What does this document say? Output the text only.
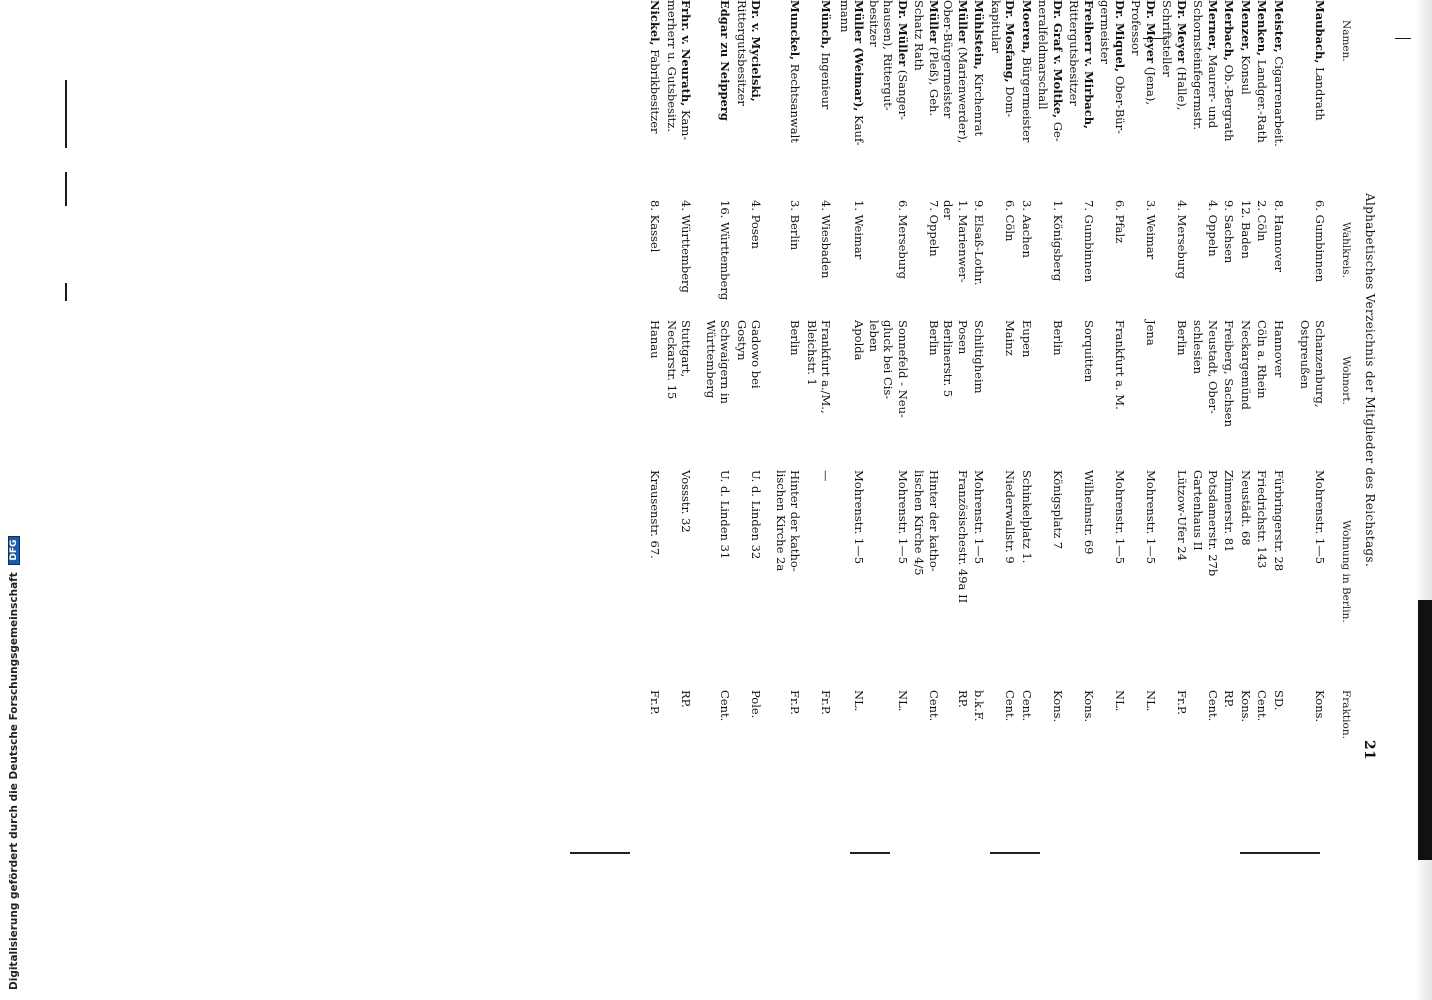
Digitalisierung gefördert durch die Deutsche Forschungsgemeinschaft DFG	Alphabetisches Verzeichnis der Mitglieder des Reichstags.
21
Namen.
Wahlkreis.
Wohnort.
Wohnung in Berlin.
Fraktion.
Maubach, Landrath
6. Gumbinnen
Schanzenburg,
Ostpreußen
Mohrenstr. 1—5
Kons.
Meister, Cigarrenarbeit.
8. Hannover
Hannover
Fürbringerstr. 28
SD.
Menken, Landger.-Rath
2. Cöln
Cöln a. Rhein
Friedrichstr. 143
Cent.
Menzer, Konsul
12. Baden
Neckargemünd
Neustädt. 68
Kons.
Merbach, Ob.-Bergrath
9. Sachsen
Freiberg, Sachsen
Zimmerstr. 81
RP.
Merner, Maurer- und
Schornsteinfegermstr.
4. Oppeln
Neustadt, Ober-
schlesien
Potsdamerstr. 27b
Gartenhaus II
Cent.
Dr. Meyer (Halle),
Schriftsteller
4. Merseburg
Berlin
Lützow-Ufer 24
Fr.P.
Dr. Meyer (Jena),
Professor
3. Weimar
Jena
Mohrenstr. 1—5
NL.
Dr. Miquel, Ober-Bür-
germeister
6. Pfalz
Frankfurt a. M.
Mohrenstr. 1—5
NL.
Freiherr v. Mirbach,
Rittergutsbesitzer
7. Gumbinnen
Sorquitten
Wilhelmstr. 69
Kons.
Dr. Graf v. Moltke, Ge-
neralfeldmarschall
1. Königsberg
Berlin
Königsplatz 7
Kons.
Moeren, Bürgermeister
3. Aachen
Eupen
Schinkelplatz 1.
Cent.
Dr. Mosfang, Dom-
kapitular
6. Cöln
Mainz
Niederwallstr. 9
Cent.
Mühlstein, Kirchenrat
9. Elsaß-Lothr.
Schiltigheim
Mohrenstr. 1—5
b.k.F.
Müller (Marienwerder),
Ober-Bürgermeister
1. Marienwer-
der
Posen
Berlinerstr. 5
Französischestr. 49a II
RP.
Müller (Pleß), Geh.
Schatz Rath
7. Oppeln
Berlin
Hinter der katho-
lischen Kirche 4/5
Cent.
Dr. Müller (Sanger-
hausen), Rittergut-
besitzer
6. Merseburg
Sonnefeld - Neu-
gluck bei Cis-
leben
Mohrenstr. 1—5
NL.
Müller (Weimar), Kauf-
mann
1. Weimar
Apolda
Mohrenstr. 1—5
NL.
Münch, Ingenieur
4. Wiesbaden
Frankfurt a./M.,
Bleichstr. 1
—
Fr.P.
Munckel, Rechtsanwalt
3. Berlin
Berlin
Hinter der katho-
lischen Kirche 2a
Fr.P.
Dr. v. Mycielski,
Rittergutsbesitzer
4. Posen
Gadowo bei
Gostyn
U. d. Linden 32
Pole.
Edgar zu Neipperg
16. Württemberg
Schwaigern in
Württemberg
U. d. Linden 31
Cent.
Frhr. v. Neurath, Kam-
merherr u. Gutsbesitz.
4. Württemberg
Stuttgart,
Neckarstr. 15
Vossstr. 32
RP.
Nickel, Fabrikbesitzer
8. Kassel
Hanau
Krausenstr. 67.
Fr.P.
